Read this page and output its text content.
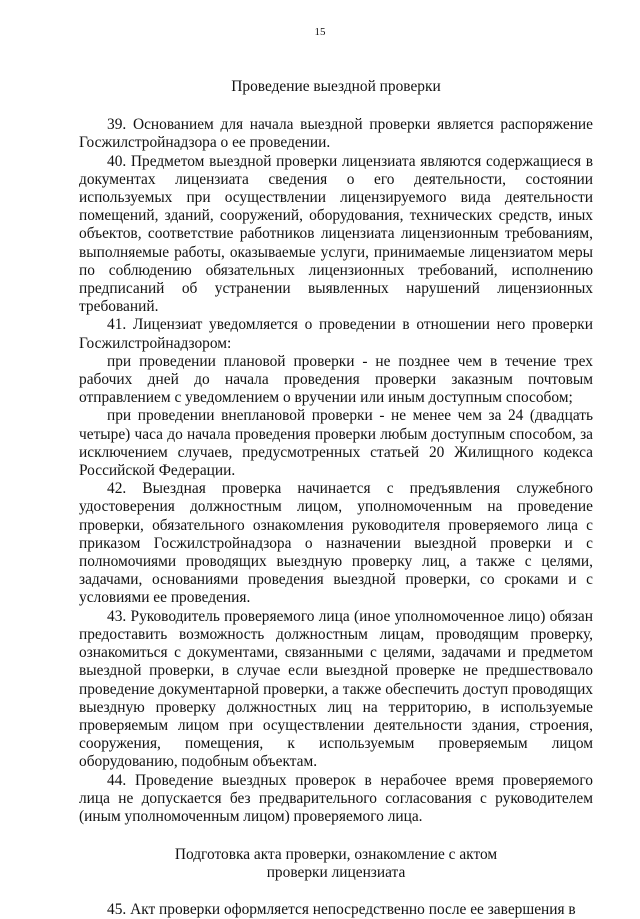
15

Проведение выездной проверки

39. Основанием для начала выездной проверки является распоряжение Госжилстройнадзора о ее проведении.

40. Предметом выездной проверки лицензиата являются содержащиеся в документах лицензиата сведения о его деятельности, состоянии используемых при осуществлении лицензируемого вида деятельности помещений, зданий, сооружений, оборудования, технических средств, иных объектов, соответствие работников лицензиата лицензионным требованиям, выполняемые работы, оказываемые услуги, принимаемые лицензиатом меры по соблюдению обязательных лицензионных требований, исполнению предписаний об устранении выявленных нарушений лицензионных требований.

41. Лицензиат уведомляется о проведении в отношении него проверки Госжилстройнадзором:

при проведении плановой проверки - не позднее чем в течение трех рабочих дней до начала проведения проверки заказным почтовым отправлением с уведомлением о вручении или иным доступным способом;

при проведении внеплановой проверки - не менее чем за 24 (двадцать четыре) часа до начала проведения проверки любым доступным способом, за исключением случаев, предусмотренных статьей 20 Жилищного кодекса Российской Федерации.

42. Выездная проверка начинается с предъявления служебного удостоверения должностным лицом, уполномоченным на проведение проверки, обязательного ознакомления руководителя проверяемого лица с приказом Госжилстройнадзора о назначении выездной проверки и с полномочиями проводящих выездную проверку лиц, а также с целями, задачами, основаниями проведения выездной проверки, со сроками и с условиями ее проведения.

43. Руководитель проверяемого лица (иное уполномоченное лицо) обязан предоставить возможность должностным лицам, проводящим проверку, ознакомиться с документами, связанными с целями, задачами и предметом выездной проверки, в случае если выездной проверке не предшествовало проведение документарной проверки, а также обеспечить доступ проводящих выездную проверку должностных лиц на территорию, в используемые проверяемым лицом при осуществлении деятельности здания, строения, сооружения, помещения, к используемым проверяемым лицом оборудованию, подобным объектам.

44. Проведение выездных проверок в нерабочее время проверяемого лица не допускается без предварительного согласования с руководителем (иным уполномоченным лицом) проверяемого лица.

Подготовка акта проверки, ознакомление с актом

проверки лицензиата

45. Акт проверки оформляется непосредственно после ее завершения в
